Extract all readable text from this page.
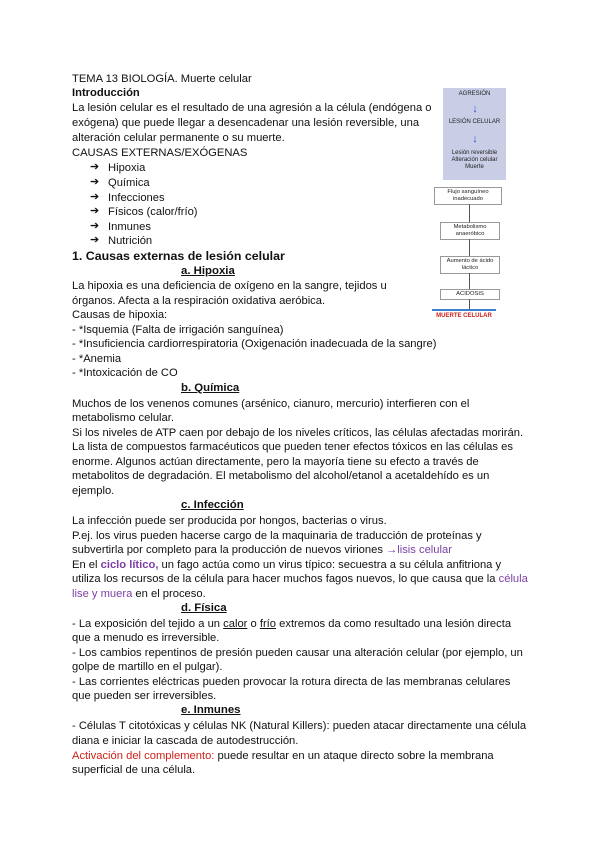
TEMA 13 BIOLOGÍA. Muerte celular
Introducción
La lesión celular es el resultado de una agresión a la célula (endógena o
exógena) que puede llegar a desencadenar una lesión reversible, una
alteración celular permanente o su muerte.
CAUSAS EXTERNAS/EXÓGENAS
➔ Hipoxia
➔ Química
➔ Infecciones
➔ Físicos (calor/frío)
➔ Inmunes
➔ Nutrición
1. Causas externas de lesión celular
a. Hipoxia
La hipoxia es una deficiencia de oxígeno en la sangre, tejidos u
órganos. Afecta a la respiración oxidativa aeróbica.
Causas de hipoxia:
- *Isquemia (Falta de irrigación sanguínea)
- *Insuficiencia cardiorrespiratoria (Oxigenación inadecuada de la sangre)
- *Anemia
- *Intoxicación de CO
b. Química
Muchos de los venenos comunes (arsénico, cianuro, mercurio) interfieren con el
metabolismo celular.
Si los niveles de ATP caen por debajo de los niveles críticos, las células afectadas morirán.
La lista de compuestos farmacéuticos que pueden tener efectos tóxicos en las células es
enorme. Algunos actúan directamente, pero la mayoría tiene su efecto a través de
metabolitos de degradación. El metabolismo del alcohol/etanol a acetaldehído es un
ejemplo.
c. Infección
La infección puede ser producida por hongos, bacterias o virus.
P.ej. los virus pueden hacerse cargo de la maquinaria de traducción de proteínas y
subvertirla por completo para la producción de nuevos viriones →lisis celular
En el ciclo lítico, un fago actúa como un virus típico: secuestra a su célula anfitriona y
utiliza los recursos de la célula para hacer muchos fagos nuevos, lo que causa que la célula
lise y muera en el proceso.
d. Física
- La exposición del tejido a un calor o frío extremos da como resultado una lesión directa
que a menudo es irreversible.
- Los cambios repentinos de presión pueden causar una alteración celular (por ejemplo, un
golpe de martillo en el pulgar).
- Las corrientes eléctricas pueden provocar la rotura directa de las membranas celulares
que pueden ser irreversibles.
e. Inmunes
- Células T citotóxicas y células NK (Natural Killers): pueden atacar directamente una célula
diana e iniciar la cascada de autodestrucción.
Activación del complemento: puede resultar en un ataque directo sobre la membrana
superficial de una célula.
AGRESIÓN
LESIÓN CELULAR
Lesión reversible
Alteración celular
Muerte
↓
↓
Flujo sanguíneo inadecuado
Metabolismo anaeróbico
Aumento de ácido láctico
ACIDOSIS
MUERTE CELULAR
